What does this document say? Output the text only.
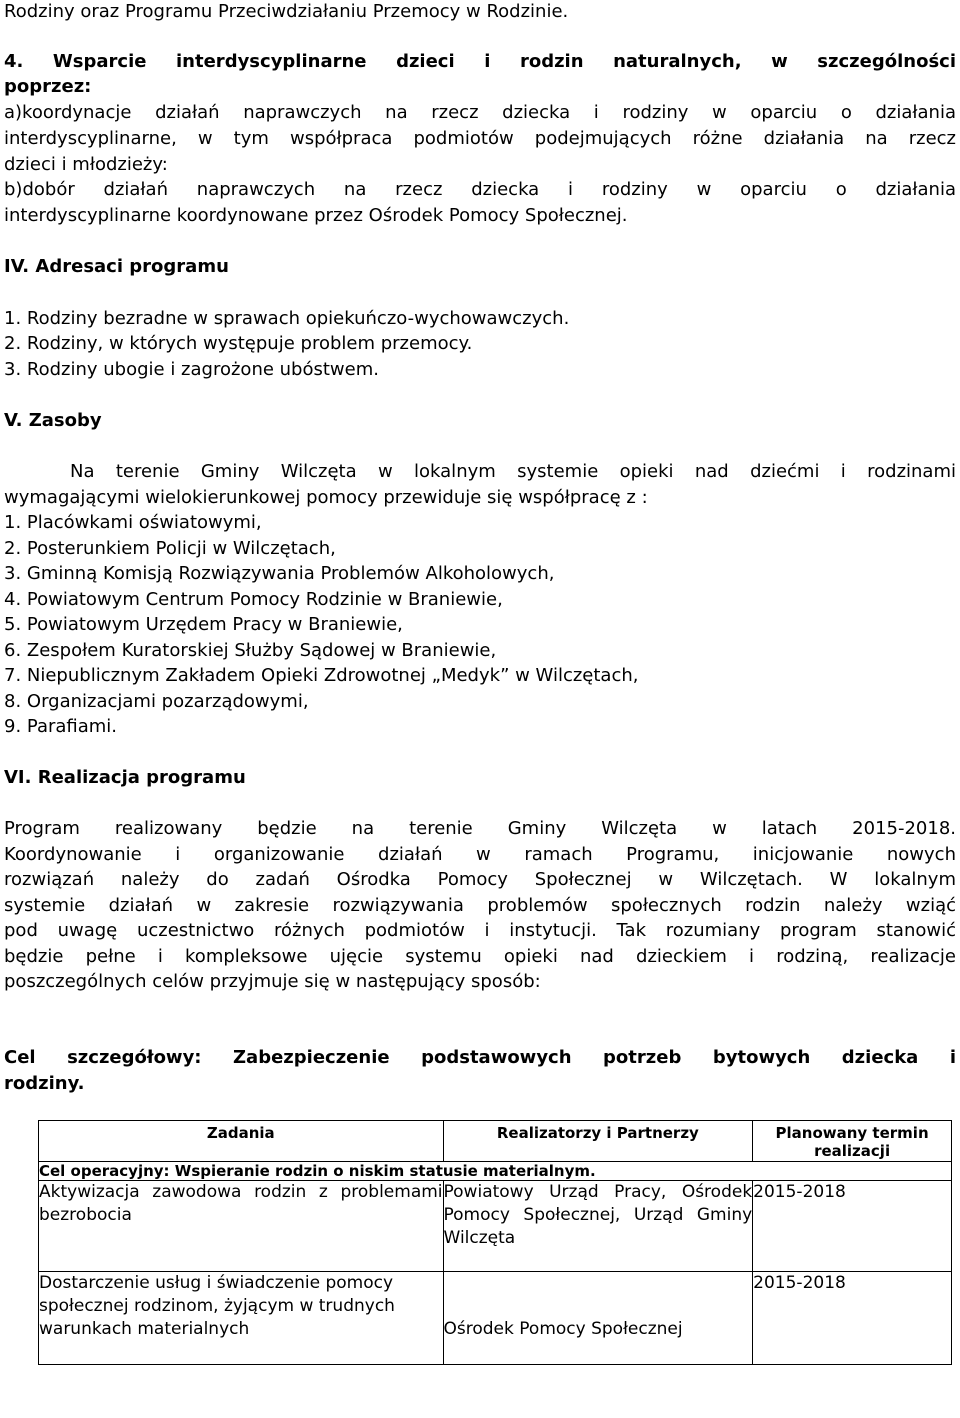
Rodziny oraz Programu Przeciwdziałaniu Przemocy w Rodzinie.
4. Wsparcie interdyscyplinarne dzieci i rodzin naturalnych, w szczególności
poprzez:
a)koordynacje działań naprawczych na rzecz dziecka i rodziny w oparciu o działania
interdyscyplinarne, w tym współpraca podmiotów podejmujących różne działania na rzecz
dzieci i młodzieży:
b)dobór działań naprawczych na rzecz dziecka i rodziny w oparciu o działania
interdyscyplinarne koordynowane przez Ośrodek Pomocy Społecznej.
IV. Adresaci programu
1. Rodziny bezradne w sprawach opiekuńczo-wychowawczych.
2. Rodziny, w których występuje problem przemocy.
3. Rodziny ubogie i zagrożone ubóstwem.
V. Zasoby
Na terenie Gminy Wilczęta w lokalnym systemie opieki nad dziećmi i rodzinami
wymagającymi wielokierunkowej pomocy przewiduje się współpracę z :
1. Placówkami oświatowymi,
2. Posterunkiem Policji w Wilczętach,
3. Gminną Komisją Rozwiązywania Problemów Alkoholowych,
4. Powiatowym Centrum Pomocy Rodzinie w Braniewie,
5. Powiatowym Urzędem Pracy w Braniewie,
6. Zespołem Kuratorskiej Służby Sądowej w Braniewie,
7. Niepublicznym Zakładem Opieki Zdrowotnej „Medyk” w Wilczętach,
8. Organizacjami pozarządowymi,
9. Parafiami.
VI. Realizacja programu
Program realizowany będzie na terenie Gminy Wilczęta w latach 2015-2018.
Koordynowanie i organizowanie działań w ramach Programu, inicjowanie nowych
rozwiązań należy do zadań Ośrodka Pomocy Społecznej w Wilczętach. W lokalnym
systemie działań w zakresie rozwiązywania problemów społecznych rodzin należy wziąć
pod uwagę uczestnictwo różnych podmiotów i instytucji. Tak rozumiany program stanowić
będzie pełne i kompleksowe ujęcie systemu opieki nad dzieckiem i rodziną, realizacje
poszczególnych celów przyjmuje się w następujący sposób:
Cel szczegółowy: Zabezpieczenie podstawowych potrzeb bytowych dziecka i
rodziny.
Zadania	Realizatorzy i Partnerzy	Planowany termin realizacji
Cel operacyjny: Wspieranie rodzin o niskim statusie materialnym.		
Aktywizacja zawodowa rodzin z problemami bezrobocia	Powiatowy Urząd Pracy, Ośrodek Pomocy Społecznej, Urząd Gminy Wilczęta	2015-2018
Dostarczenie usług i świadczenie pomocy społecznej rodzinom, żyjącym w trudnych warunkach materialnych	Ośrodek Pomocy Społecznej	2015-2018
